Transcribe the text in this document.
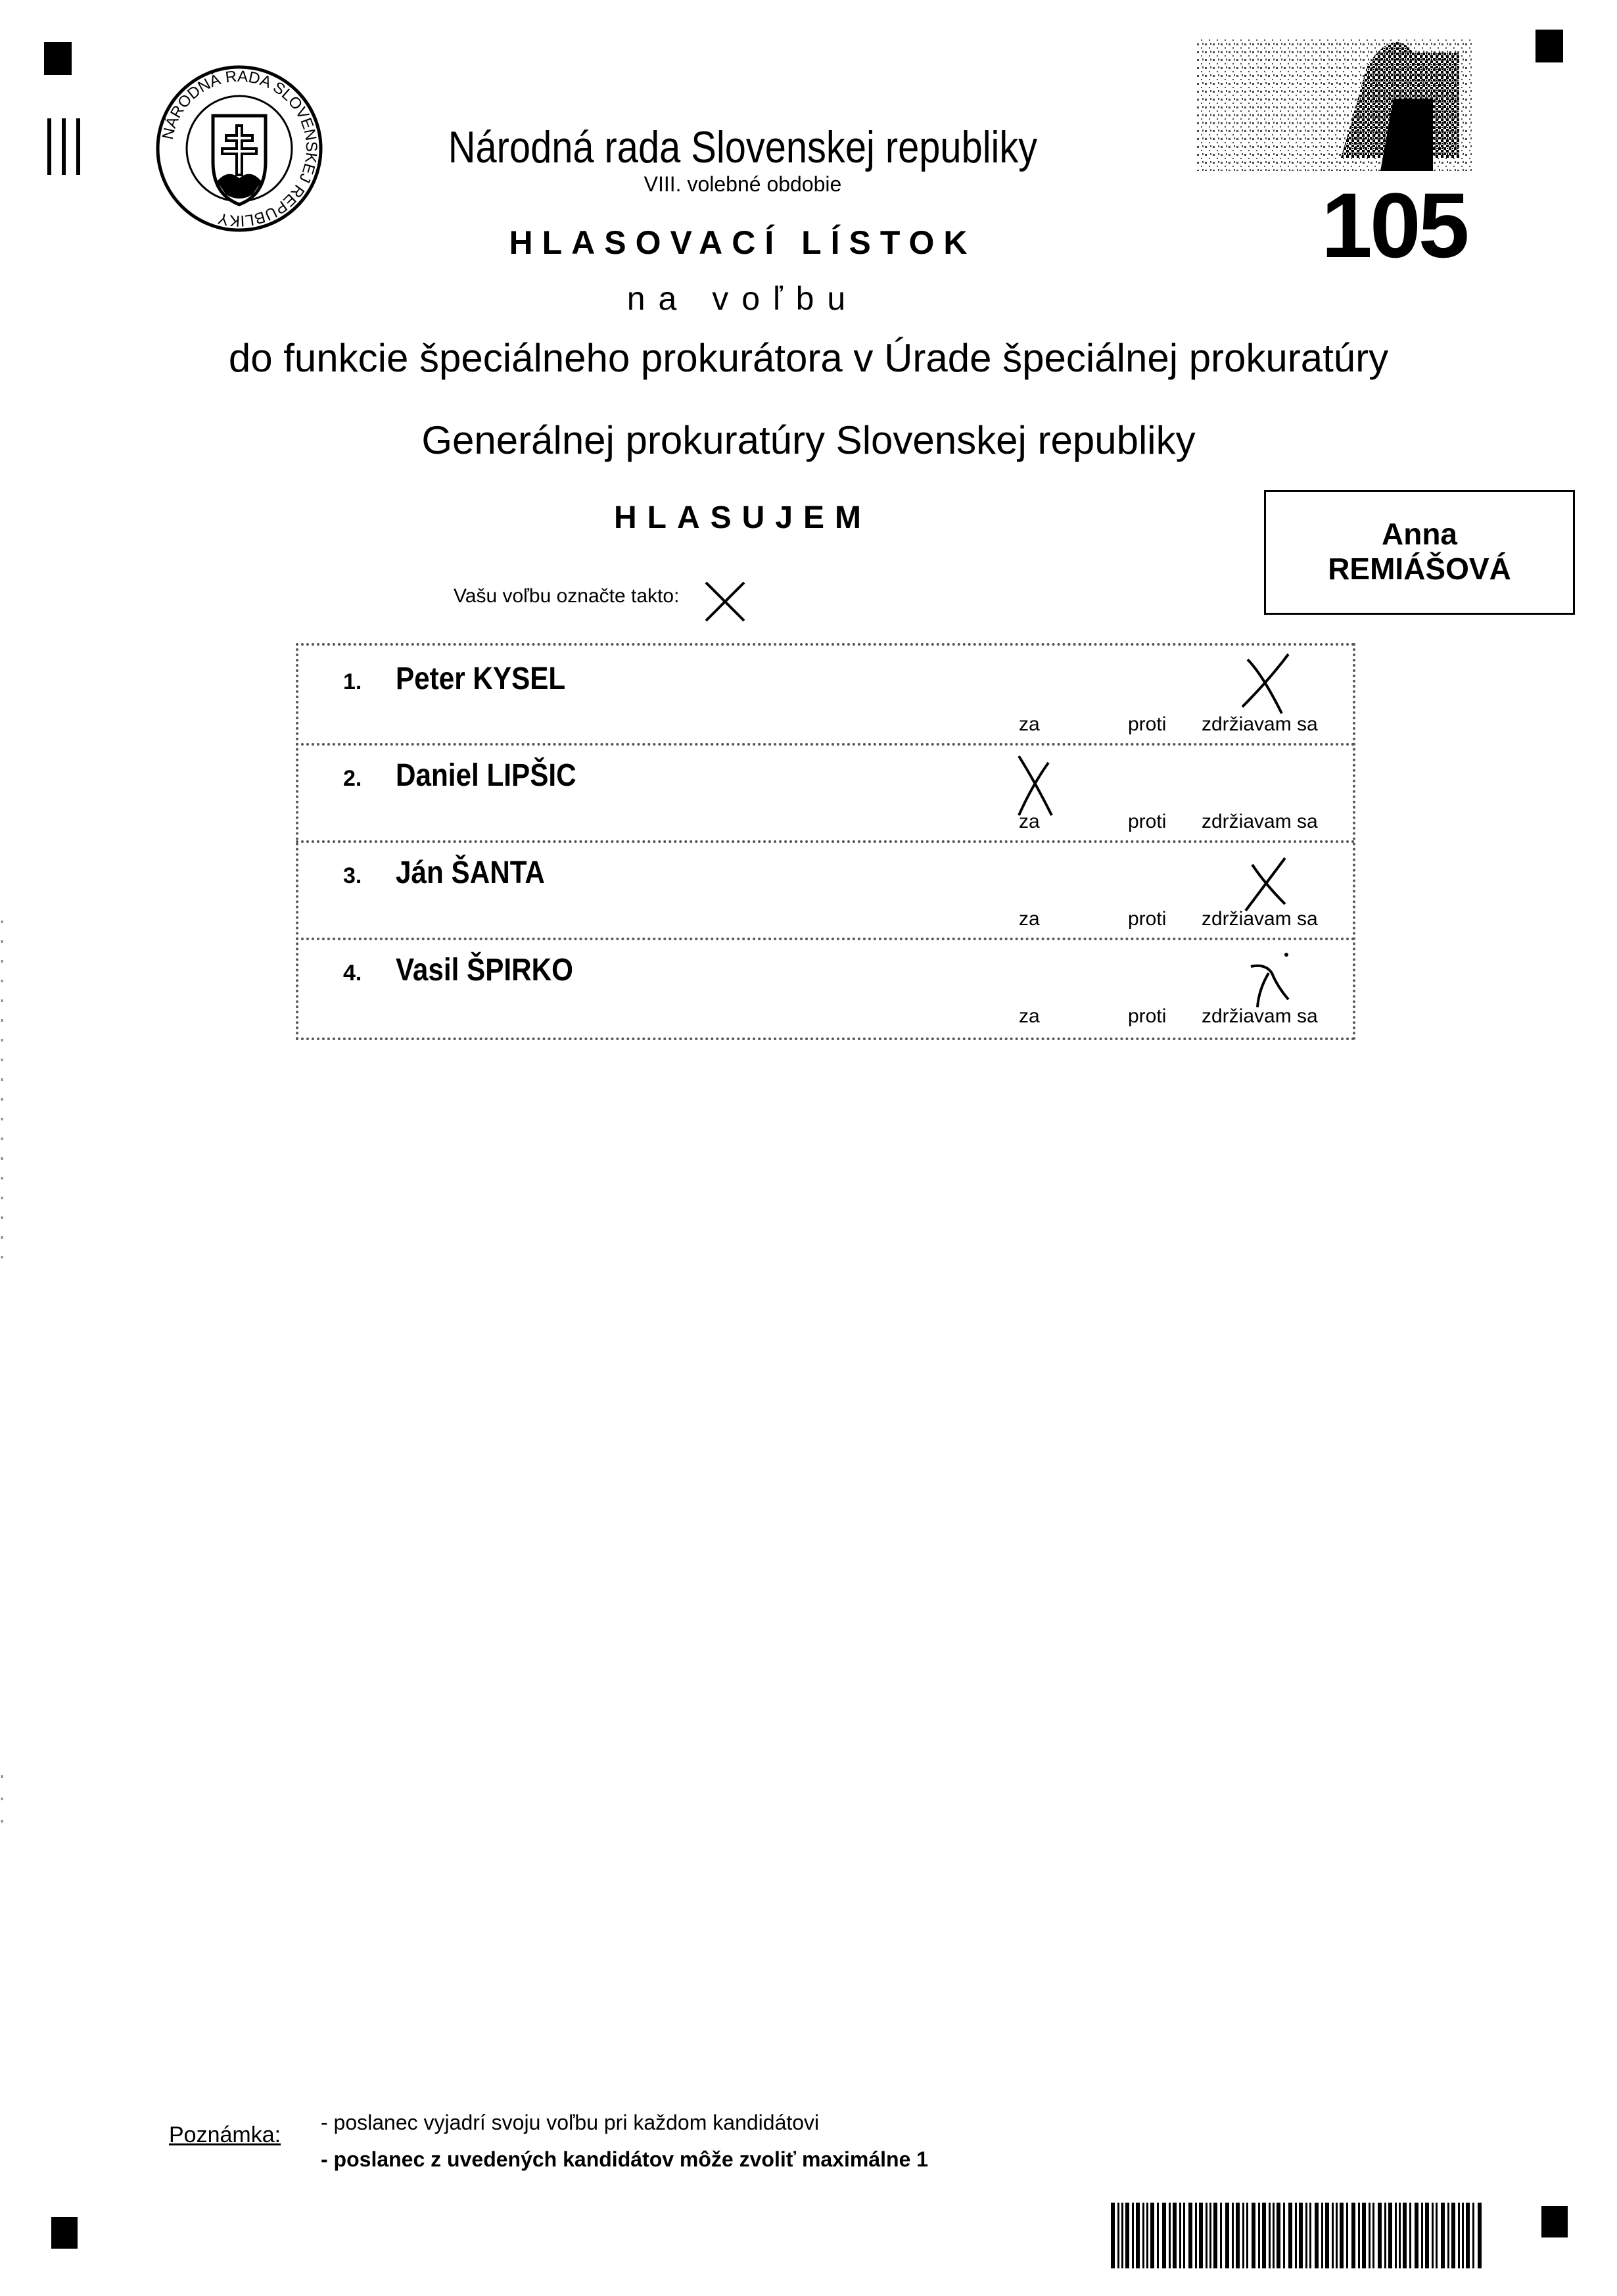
NÁRODNÁ RADA SLOVENSKEJ REPUBLIKY
Národná rada Slovenskej republiky
VIII. volebné obdobie	105
HLASOVACÍ LÍSTOK
na voľbu
do funkcie špeciálneho prokurátora v Úrade špeciálnej prokuratúry
Generálnej prokuratúry Slovenskej republiky
HLASUJEM
Vašu voľbu označte takto:
Anna
REMIÁŠOVÁ
1. Peter KYSEL
za	proti zdržiavam sa
2. Daniel LIPŠIC
za	proti zdržiavam sa
3. Ján ŠANTA
za	proti zdržiavam sa
4. Vasil ŠPIRKO
za	proti zdržiavam sa
Poznámka: - poslanec vyjadrí svoju voľbu pri každom kandidátovi
- poslanec z uvedených kandidátov môže zvoliť maximálne 1
